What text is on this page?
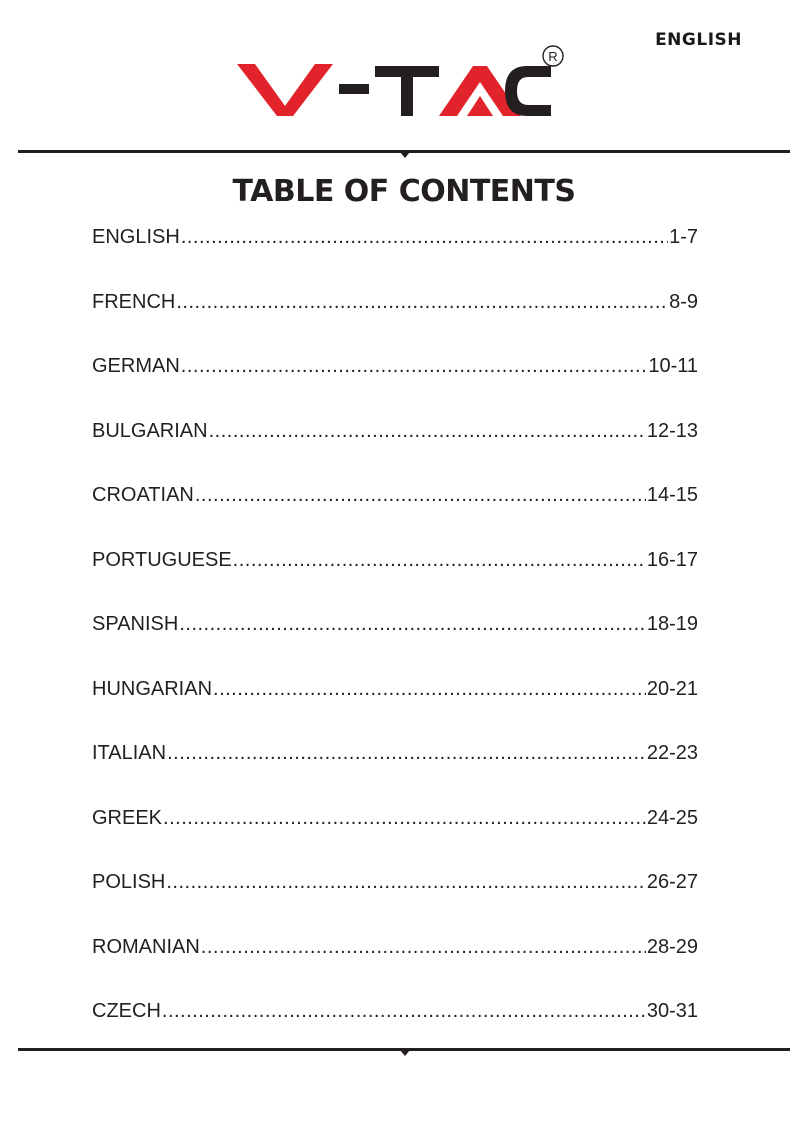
ENGLISH
R
TABLE OF CONTENTS
ENGLISH .....	1-7
FRENCH .....	8-9
GERMAN .....	10-11
BULGARIAN .....	12-13
CROATIAN .....	14-15
PORTUGUESE .....	16-17
SPANISH .....	18-19
HUNGARIAN .....	20-21
ITALIAN .....	22-23
GREEK .....	24-25
POLISH .....	26-27
ROMANIAN .....	28-29
CZECH .....	30-31
